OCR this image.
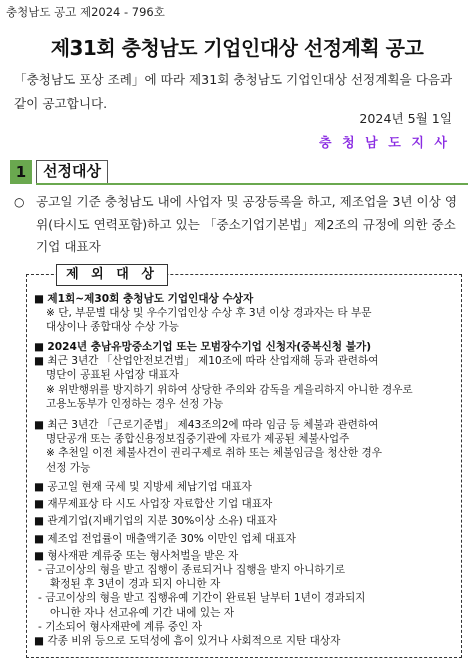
충청남도 공고 제2024 - 796호
제31회 충청남도 기업인대상 선정계획 공고
「충청남도 포상 조례」에 따라 제31회 충청남도 기업인대상 선정계획을 다음과 같이 공고합니다.
2024년 5월 1일
충 청 남 도 지 사
1	선정대상
○ 공고일 기준 충청남도 내에 사업자 및 공장등록을 하고, 제조업을 3년 이상 영위(타시도 연력포함)하고 있는 「중소기업기본법」제2조의 규정에 의한 중소기업 대표자
제 외 대 상
■ 제1회~제30회 충청남도 기업인대상 수상자
※ 단, 부문별 대상 및 우수기업인상 수상 후 3년 이상 경과자는 타 부문
대상이나 종합대상 수상 가능
■ 2024년 충남유망중소기업 또는 모범장수기업 신청자(중복신청 불가)
■ 최근 3년간 「산업안전보건법」 제10조에 따라 산업재해 등과 관련하여
명단이 공표된 사업장 대표자
※ 위반행위를 방지하기 위하여 상당한 주의와 감독을 게을리하지 아니한 경우로
고용노동부가 인정하는 경우 선정 가능
■ 최근 3년간 「근로기준법」 제43조의2에 따라 임금 등 체불과 관련하여
명단공개 또는 종합신용정보집중기관에 자료가 제공된 체불사업주
※ 추천일 이전 체불사건이 권리구제로 취하 또는 체불임금을 청산한 경우
선정 가능
■ 공고일 현재 국세 및 지방세 체납기업 대표자
■ 재무제표상 타 시도 사업장 자료합산 기업 대표자
■ 관계기업(지배기업의 지분 30%이상 소유) 대표자
■ 제조업 전업률이 매출액기준 30% 이만인 업체 대표자
■ 형사재판 계류중 또는 형사처벌을 받은 자
- 금고이상의 형을 받고 집행이 종료되거나 집행을 받지 아니하기로
확정된 후 3년이 경과 되지 아니한 자
- 금고이상의 형을 받고 집행유예 기간이 완료된 날부터 1년이 경과되지
아니한 자나 선고유예 기간 내에 있는 자
- 기소되어 형사재판에 계류 중인 자
■ 각종 비위 등으로 도덕성에 흠이 있거나 사회적으로 지탄 대상자
